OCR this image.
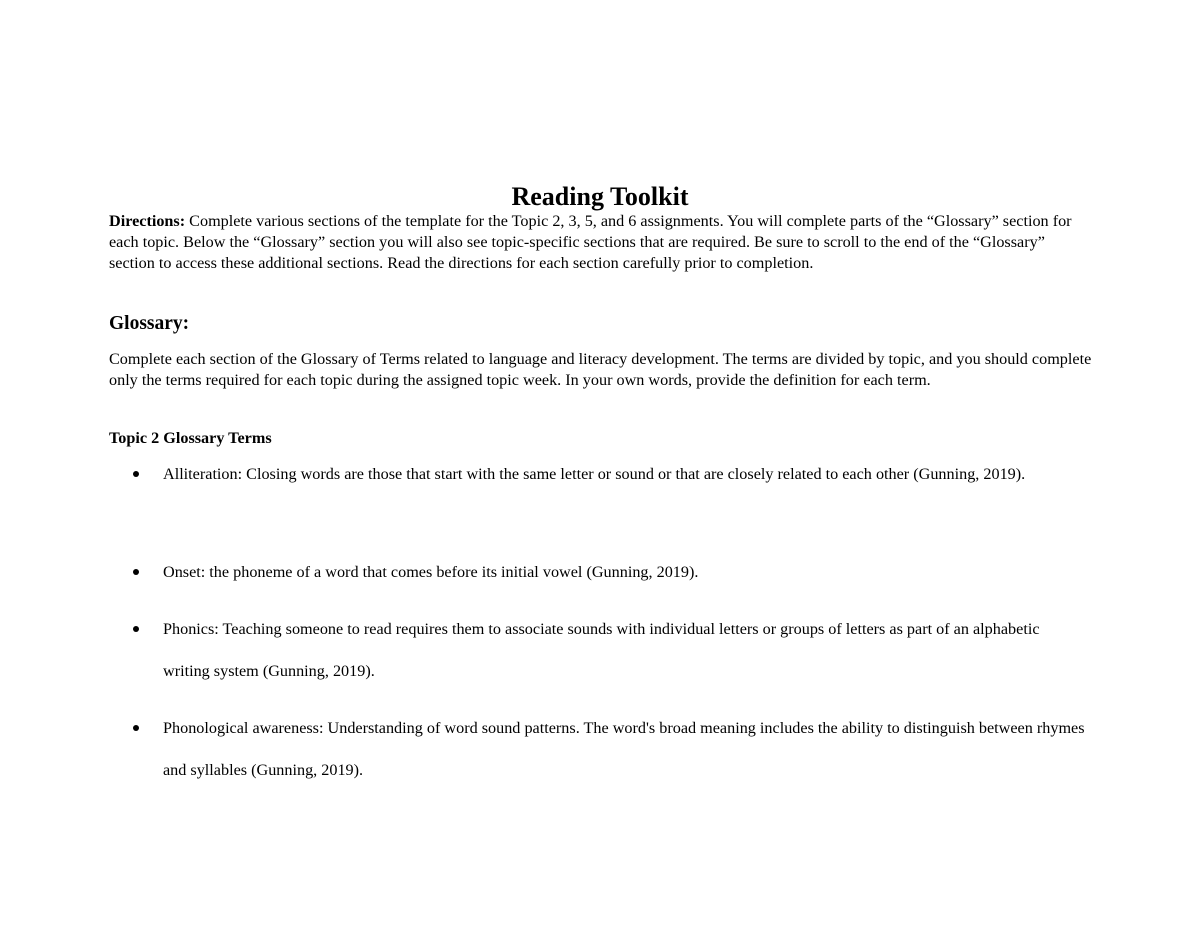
Reading Toolkit

Directions: Complete various sections of the template for the Topic 2, 3, 5, and 6 assignments. You will complete parts of the “Glossary” section for each topic. Below the “Glossary” section you will also see topic-specific sections that are required. Be sure to scroll to the end of the “Glossary” section to access these additional sections. Read the directions for each section carefully prior to completion.

Glossary:

Complete each section of the Glossary of Terms related to language and literacy development. The terms are divided by topic, and you should complete only the terms required for each topic during the assigned topic week. In your own words, provide the definition for each term.

Topic 2 Glossary Terms
Alliteration: Closing words are those that start with the same letter or sound or that are closely related to each other (Gunning, 2019).
Onset: the phoneme of a word that comes before its initial vowel (Gunning, 2019).
Phonics: Teaching someone to read requires them to associate sounds with individual letters or groups of letters as part of an alphabetic writing system (Gunning, 2019).
Phonological awareness: Understanding of word sound patterns. The word's broad meaning includes the ability to distinguish between rhymes and syllables (Gunning, 2019).
